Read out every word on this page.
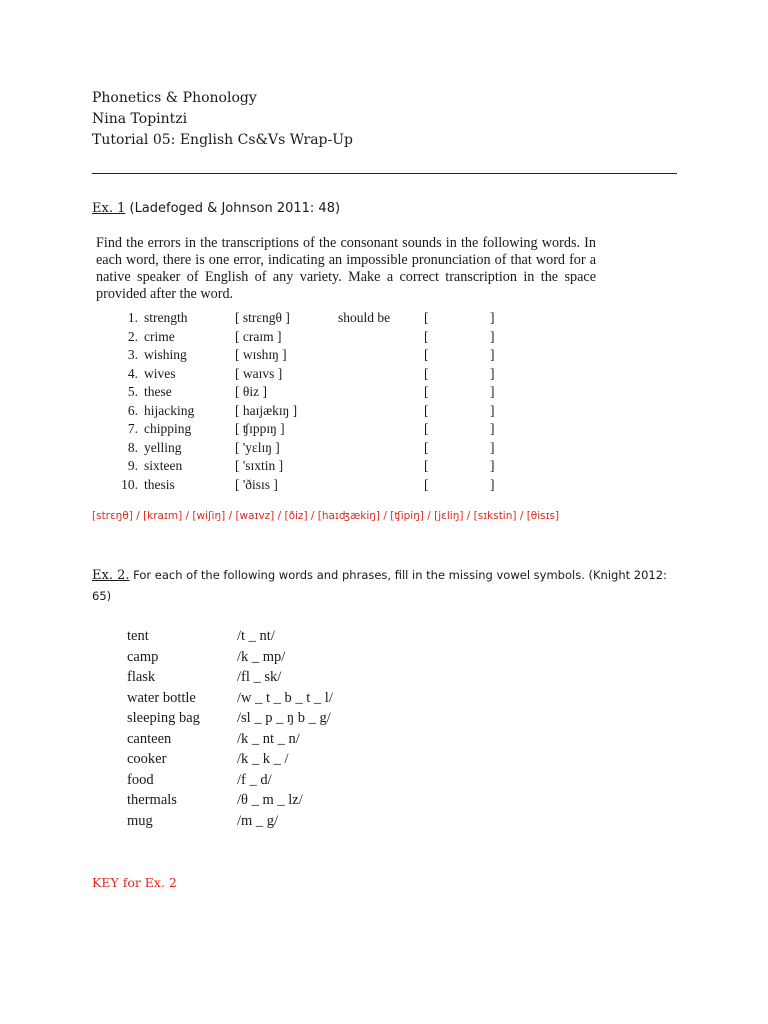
Phonetics & Phonology
Nina Topintzi
Tutorial 05: English Cs&Vs Wrap-Up
Ex. 1 (Ladefoged & Johnson 2011: 48)
Find the errors in the transcriptions of the consonant sounds in the following words. In each word, there is one error, indicating an impossible pronunciation of that word for a native speaker of English of any variety. Make a correct transcription in the space provided after the word.
1. strength	[ strɛngθ ]	should be	[	]
2. crime	[ craɪm ]	[	]
3. wishing	[ wɪshɪŋ ]	[	]
4. wives	[ waɪvs ]	[	]
5. these	[ θiz ]	[	]
6. hijacking	[ haɪjækɪŋ ]	[	]
7. chipping	[ ʧɪppɪŋ ]	[	]
8. yelling	[ 'yɛlɪŋ ]	[	]
9. sixteen	[ 'sɪxtin ]	[	]
10. thesis	[ 'ðisɪs ]	[	]
[strɛŋθ] / [kraɪm] / [wiʃiŋ] / [waɪvz] / [ðiz] / [haɪʤækiŋ] / [ʧipiŋ] / [jɛliŋ] / [sɪkstin] / [θisɪs]
Ex. 2. For each of the following words and phrases, fill in the missing vowel symbols. (Knight 2012: 65)
tent	/t _ nt/
camp	/k _ mp/
flask	/fl _ sk/
water bottle	/w _ t _ b _ t _ l/
sleeping bag	/sl _ p _ ŋ b _ g/
canteen	/k _ nt _ n/
cooker	/k _ k _ /
food	/f _ d/
thermals	/θ _ m _ lz/
mug	/m _ g/
KEY for Ex. 2
